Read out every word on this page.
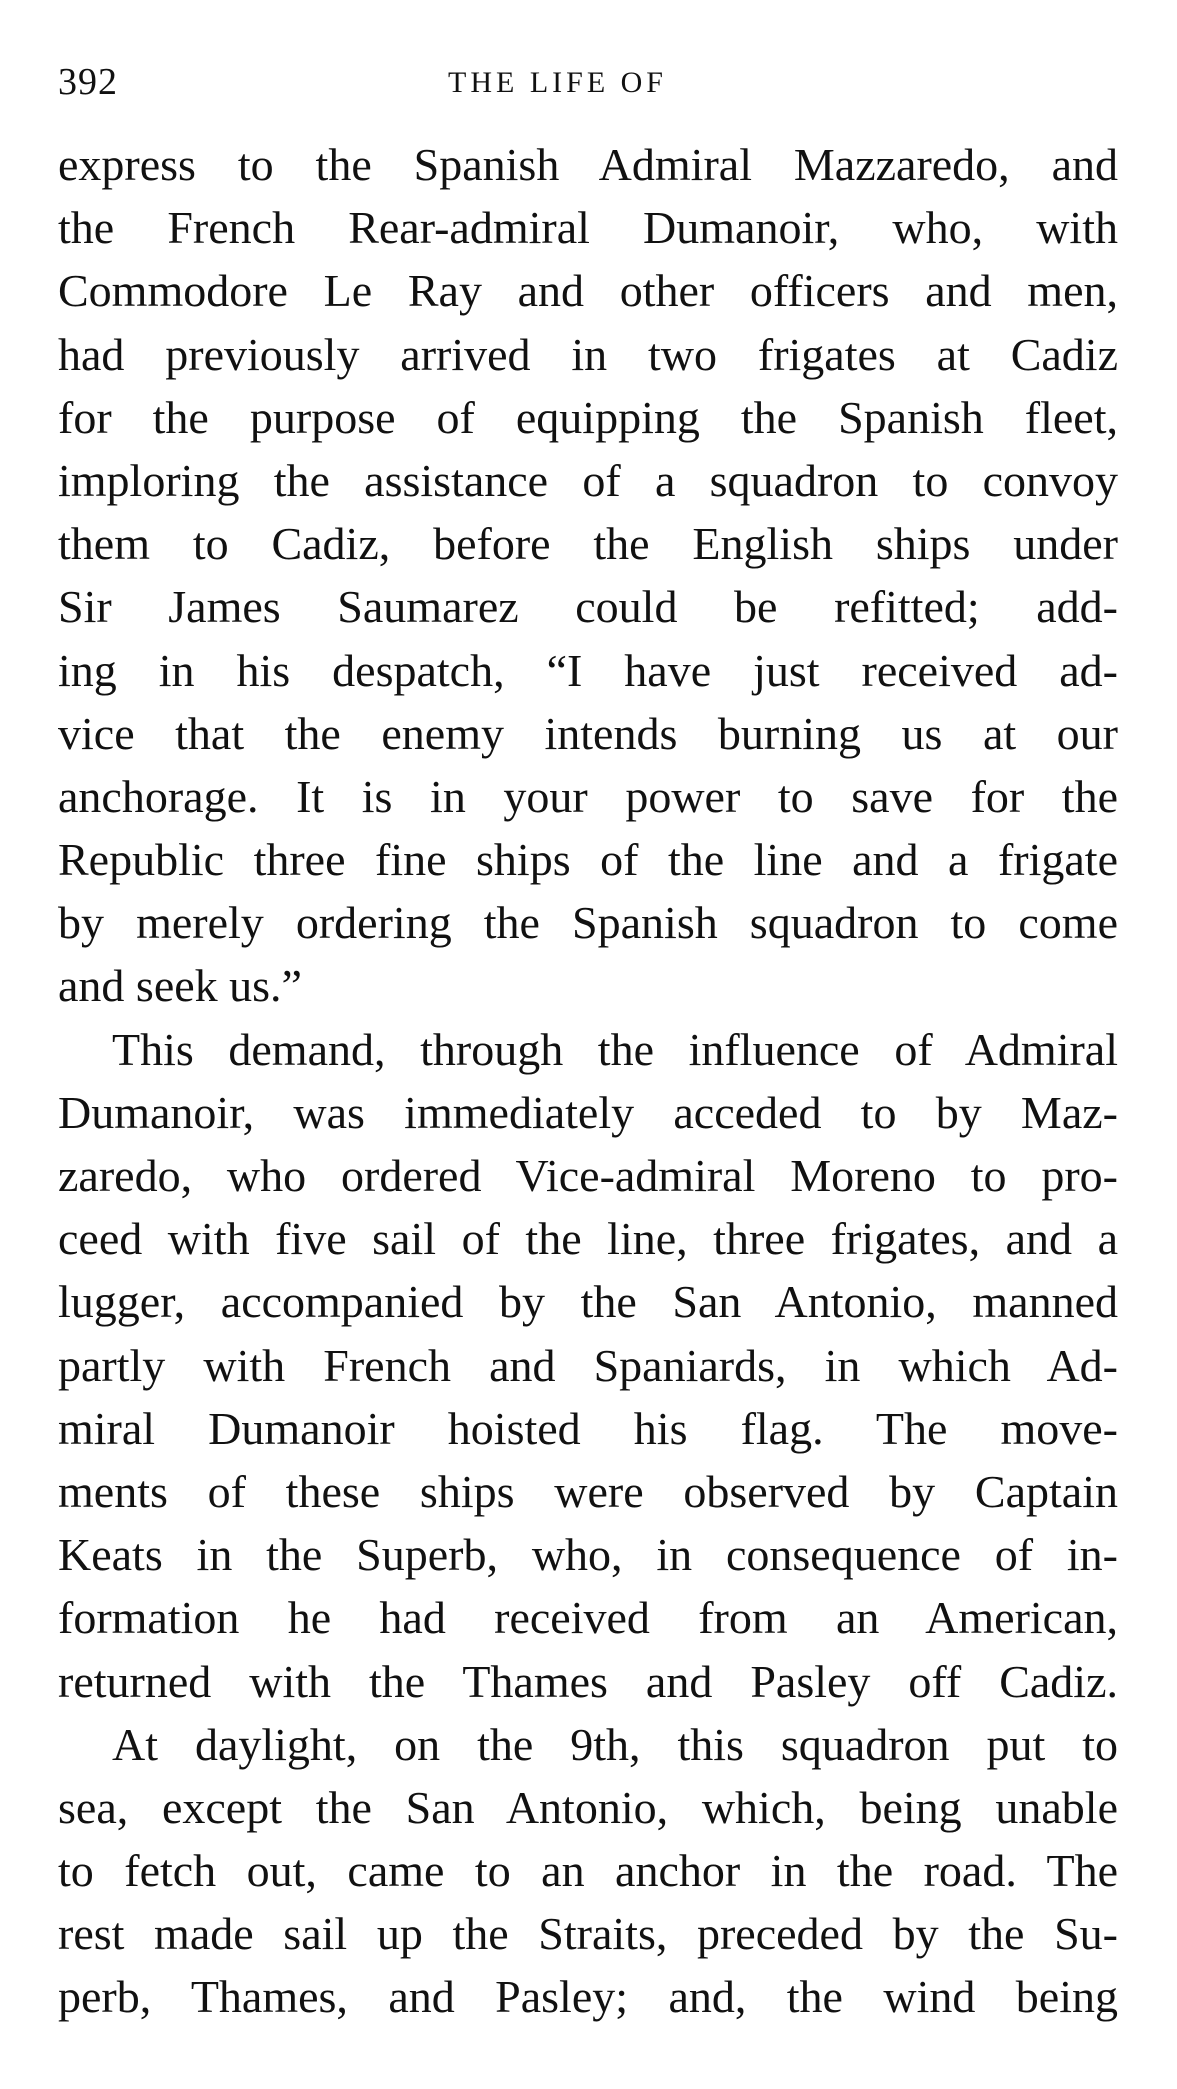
392	THE LIFE OF
express to the Spanish Admiral Mazzaredo, and
the French Rear-admiral Dumanoir, who, with
Commodore Le Ray and other officers and men,
had previously arrived in two frigates at Cadiz
for the purpose of equipping the Spanish fleet,
imploring the assistance of a squadron to convoy
them to Cadiz, before the English ships under
Sir James Saumarez could be refitted; add-
ing in his despatch, “I have just received ad-
vice that the enemy intends burning us at our
anchorage. It is in your power to save for the
Republic three fine ships of the line and a frigate
by merely ordering the Spanish squadron to come
and seek us.”
This demand, through the influence of Admiral
Dumanoir, was immediately acceded to by Maz-
zaredo, who ordered Vice-admiral Moreno to pro-
ceed with five sail of the line, three frigates, and a
lugger, accompanied by the San Antonio, manned
partly with French and Spaniards, in which Ad-
miral Dumanoir hoisted his flag. The move-
ments of these ships were observed by Captain
Keats in the Superb, who, in consequence of in-
formation he had received from an American,
returned with the Thames and Pasley off Cadiz.
At daylight, on the 9th, this squadron put to
sea, except the San Antonio, which, being unable
to fetch out, came to an anchor in the road. The
rest made sail up the Straits, preceded by the Su-
perb, Thames, and Pasley; and, the wind being
